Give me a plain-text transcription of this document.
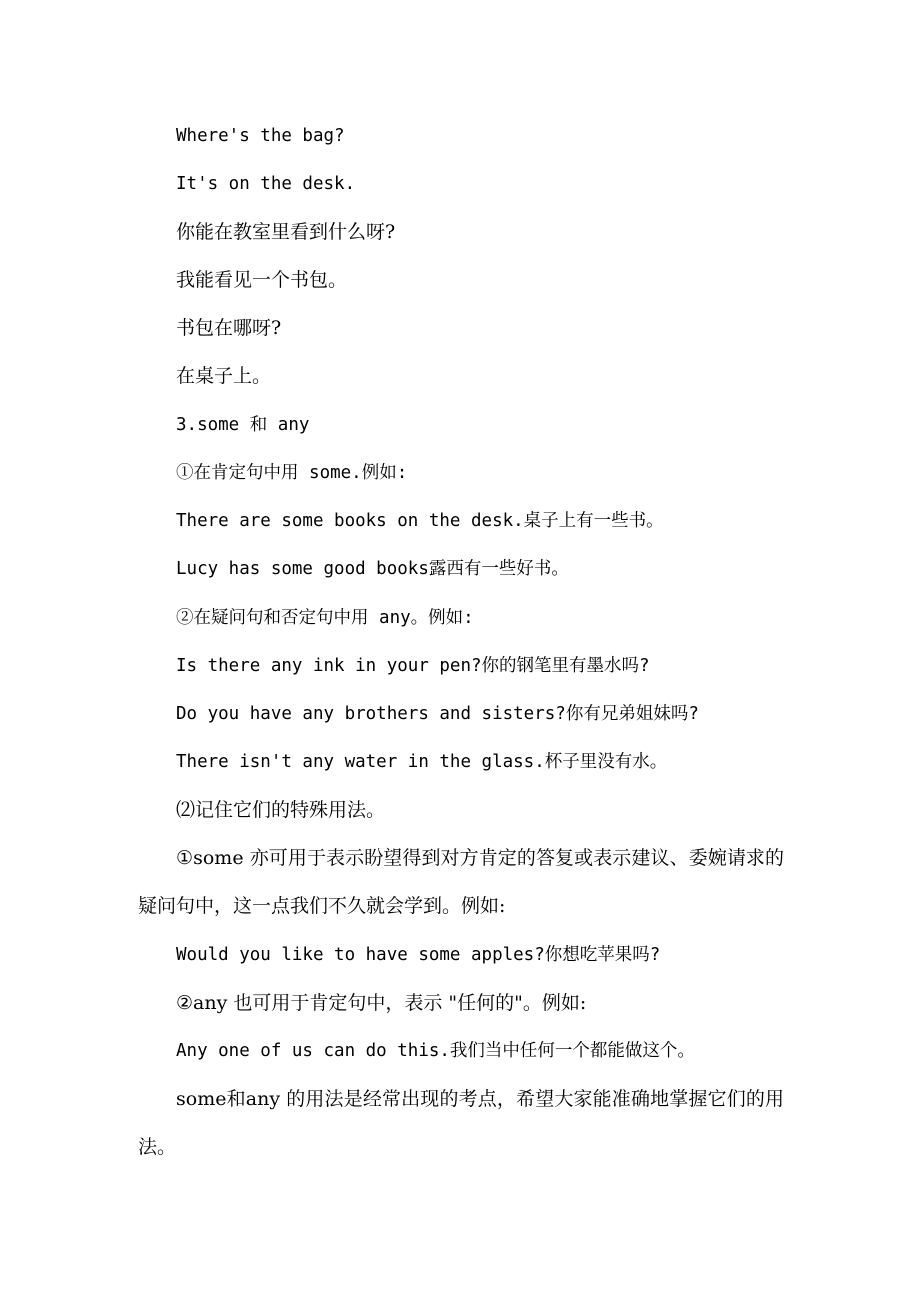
Where's the bag?
It's on the desk.
你能在教室里看到什么呀?
我能看见一个书包。
书包在哪呀?
在桌子上。
3.some 和 any
①在肯定句中用 some.例如:
There are some books on the desk.桌子上有一些书。
Lucy has some good books露西有一些好书。
②在疑问句和否定句中用 any。例如:
Is there any ink in your pen?你的钢笔里有墨水吗?
Do you have any brothers and sisters?你有兄弟姐妹吗?
There isn't any water in the glass.杯子里没有水。
⑵记住它们的特殊用法。
①some 亦可用于表示盼望得到对方肯定的答复或表示建议、委婉请求的疑问句中，这一点我们不久就会学到。例如:
Would you like to have some apples?你想吃苹果吗?
②any 也可用于肯定句中，表示 "任何的"。例如:
Any one of us can do this.我们当中任何一个都能做这个。
some和any 的用法是经常出现的考点，希望大家能准确地掌握它们的用法。
